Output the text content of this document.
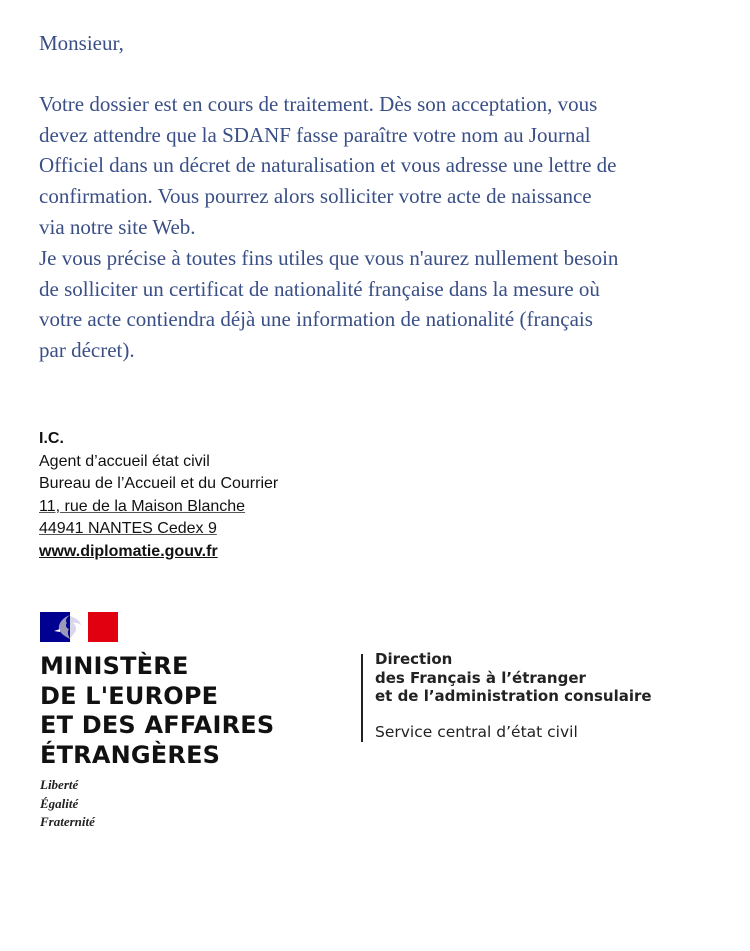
Monsieur,

Votre dossier est en cours de traitement. Dès son acceptation, vous
devez attendre que la SDANF fasse paraître votre nom au Journal
Officiel dans un décret de naturalisation et vous adresse une lettre de
confirmation. Vous pourrez alors solliciter votre acte de naissance
via notre site Web.

Je vous précise à toutes fins utiles que vous n'aurez nullement besoin
de solliciter un certificat de nationalité française dans la mesure où
votre acte contiendra déjà une information de nationalité (français
par décret).

I.C.
Agent d’accueil état civil
Bureau de l’Accueil et du Courrier
11, rue de la Maison Blanche
44941 NANTES Cedex 9
www.diplomatie.gouv.fr
MINISTÈRE
DE L'EUROPE
ET DES AFFAIRES
ÉTRANGÈRES
Liberté
Égalité
Fraternité
Direction
des Français à l’étranger
et de l’administration consulaire
Service central d’état civil
